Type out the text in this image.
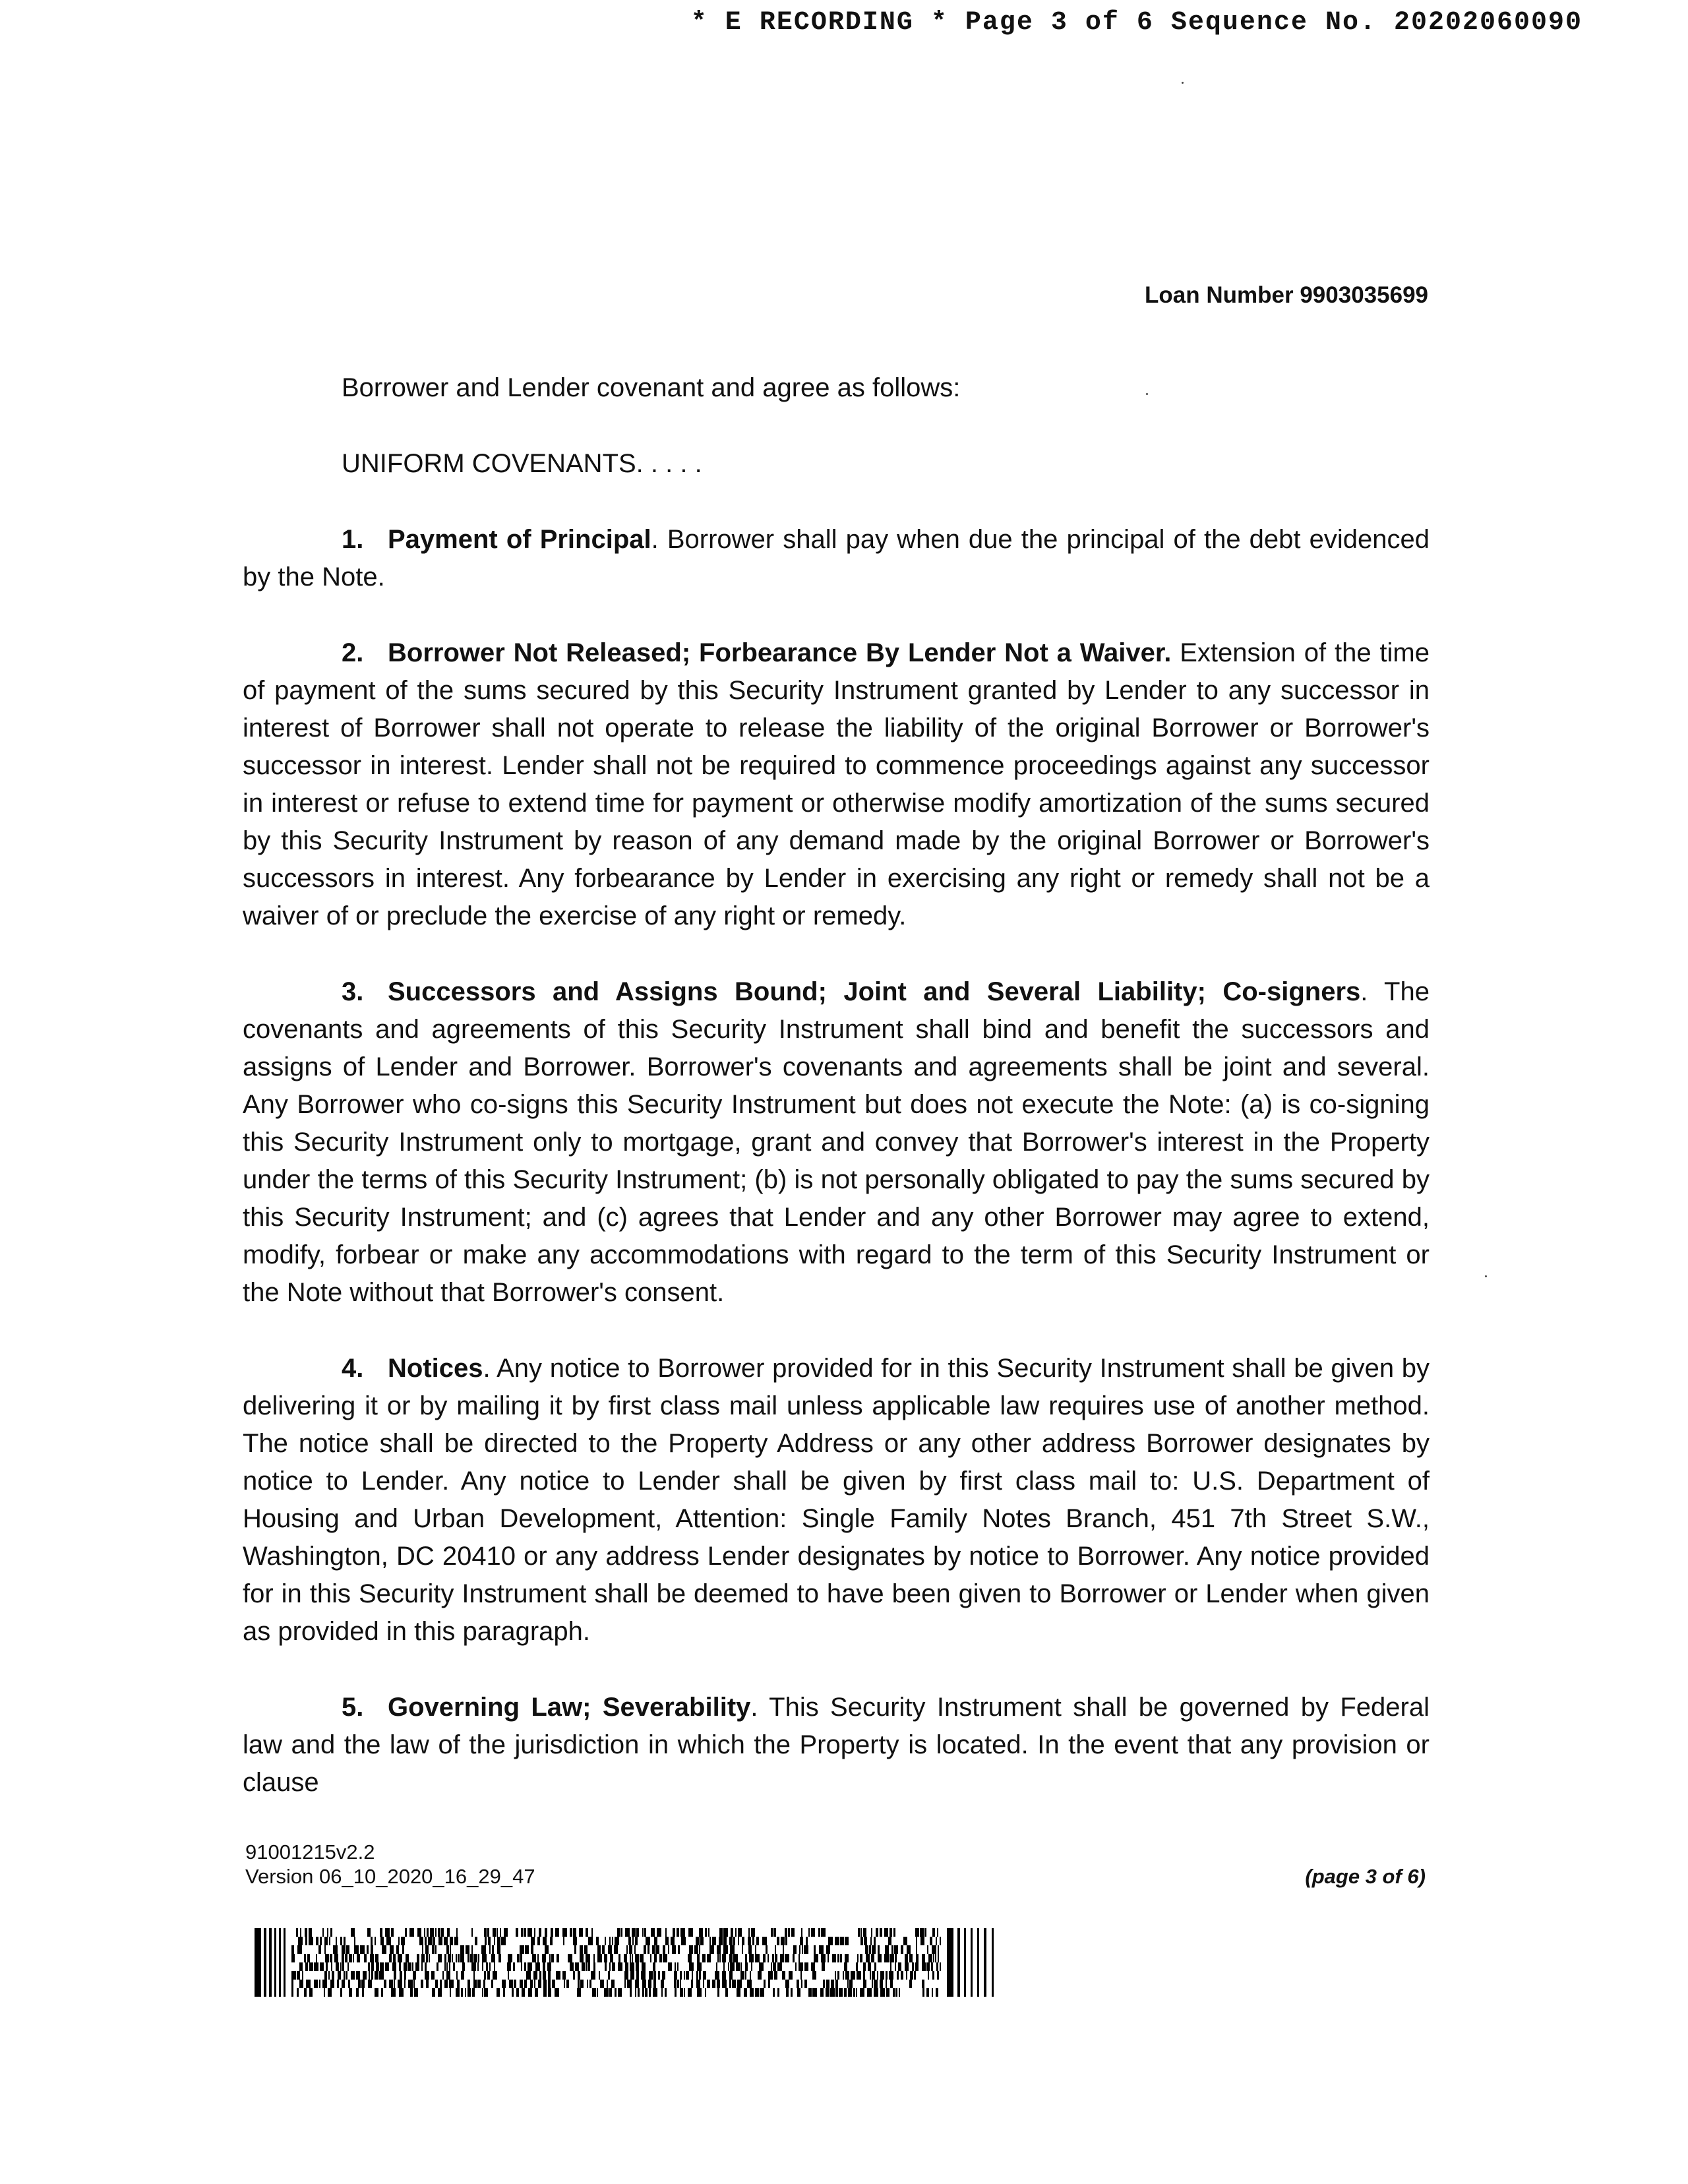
* E RECORDING * Page 3 of 6 Sequence No. 20202060090
Loan Number 9903035699

Borrower and Lender covenant and agree as follows:

UNIFORM COVENANTS. . . . .

1. Payment of Principal. Borrower shall pay when due the principal of the debt evidenced by the Note.

2. Borrower Not Released; Forbearance By Lender Not a Waiver. Extension of the time of payment of the sums secured by this Security Instrument granted by Lender to any successor in interest of Borrower shall not operate to release the liability of the original Borrower or Borrower's successor in interest. Lender shall not be required to commence proceedings against any successor in interest or refuse to extend time for payment or otherwise modify amortization of the sums secured by this Security Instrument by reason of any demand made by the original Borrower or Borrower's successors in interest. Any forbearance by Lender in exercising any right or remedy shall not be a waiver of or preclude the exercise of any right or remedy.

3. Successors and Assigns Bound; Joint and Several Liability; Co-signers. The covenants and agreements of this Security Instrument shall bind and benefit the successors and assigns of Lender and Borrower. Borrower's covenants and agreements shall be joint and several. Any Borrower who co-signs this Security Instrument but does not execute the Note: (a) is co-signing this Security Instrument only to mortgage, grant and convey that Borrower's interest in the Property under the terms of this Security Instrument; (b) is not personally obligated to pay the sums secured by this Security Instrument; and (c) agrees that Lender and any other Borrower may agree to extend, modify, forbear or make any accommodations with regard to the term of this Security Instrument or the Note without that Borrower's consent.

4. Notices. Any notice to Borrower provided for in this Security Instrument shall be given by delivering it or by mailing it by first class mail unless applicable law requires use of another method. The notice shall be directed to the Property Address or any other address Borrower designates by notice to Lender. Any notice to Lender shall be given by first class mail to: U.S. Department of Housing and Urban Development, Attention: Single Family Notes Branch, 451 7th Street S.W., Washington, DC 20410 or any address Lender designates by notice to Borrower. Any notice provided for in this Security Instrument shall be deemed to have been given to Borrower or Lender when given as provided in this paragraph.

5. Governing Law; Severability. This Security Instrument shall be governed by Federal law and the law of the jurisdiction in which the Property is located. In the event that any provision or clause

91001215v2.2
Version 06_10_2020_16_29_47	(page 3 of 6)
